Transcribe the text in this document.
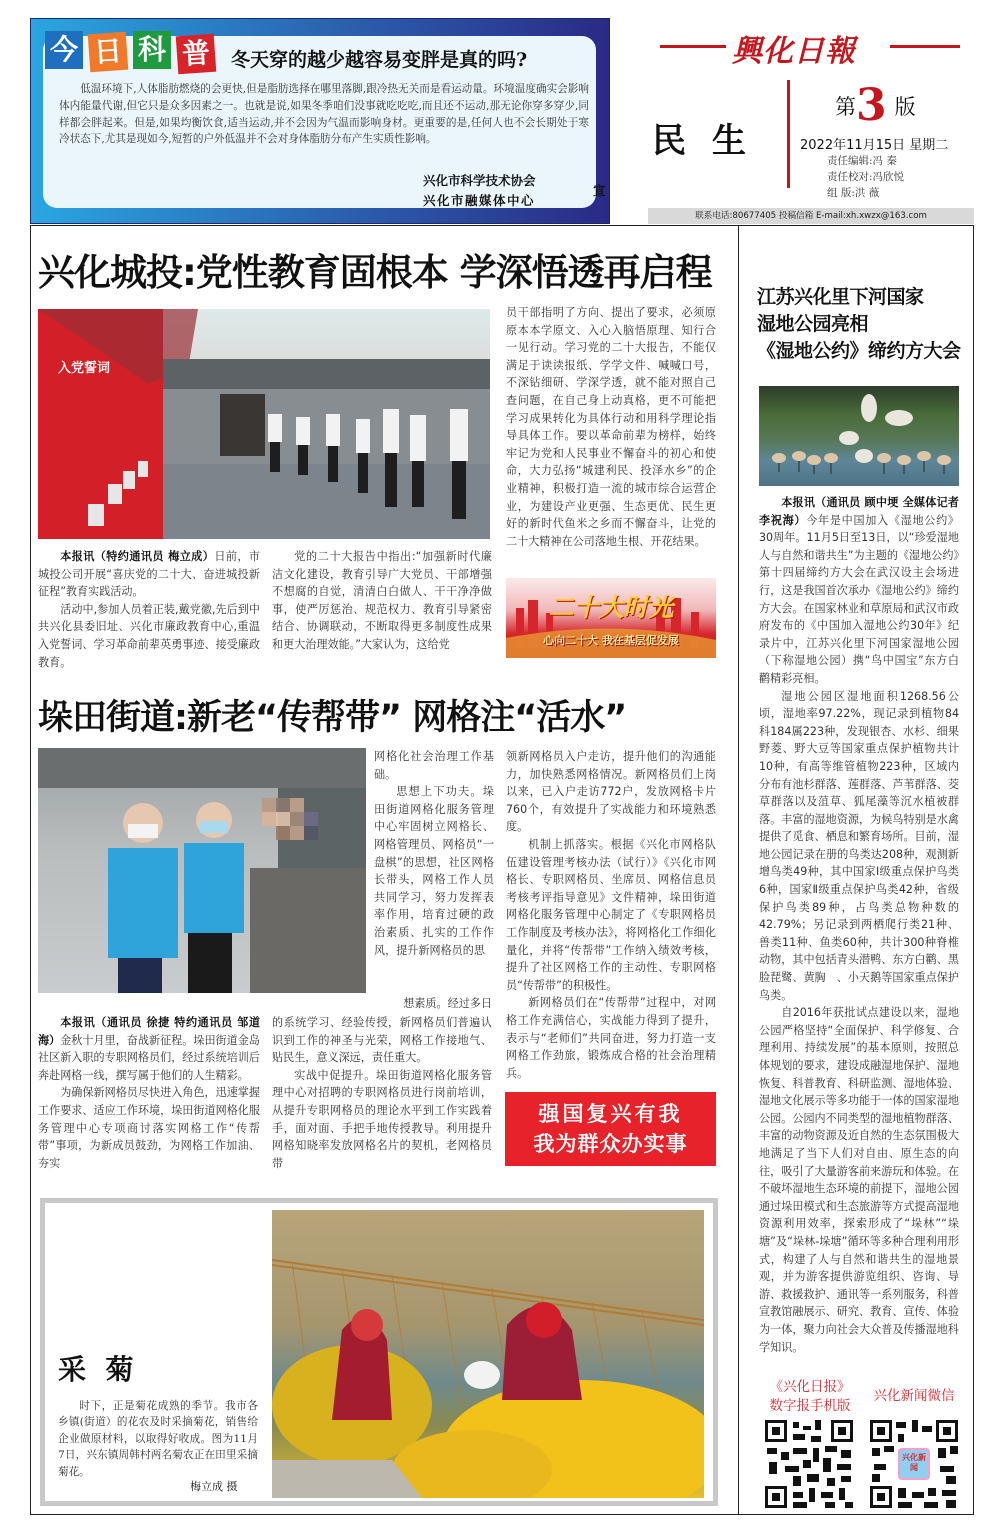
今 日 科 普 冬天穿的越少越容易变胖是真的吗?
低温环境下,人体脂肪燃烧的会更快,但是脂肪选择在哪里落脚,跟冷热无关而是看运动量。环境温度确实会影响体内能量代谢,但它只是众多因素之一。也就是说,如果冬季咱们没事就吃吃吃,而且还不运动,那无论你穿多穿少,同样都会胖起来。但是,如果均衡饮食,适当运动,并不会因为气温而影响身材。更重要的是,任何人也不会长期处于寒冷状态下,尤其是现如今,短暂的户外低温并不会对身体脂肪分布产生实质性影响。
兴化市科学技术协会
兴化市融媒体中心
宣
興化日報
民生
第3 版
2022年11月15日 星期二
责任编辑:冯 秦
责任校对:冯欣悦
组 版:洪 薇
联系电话:80677405 投稿信箱 E-mail:xh.xwzx@163.com
兴化城投:党性教育固根本 学深悟透再启程
入党誓词

本报讯（特约通讯员 梅立成）日前，市城投公司开展“喜庆党的二十大、奋进城投新征程”教育实践活动。

活动中,参加人员着正装,戴党徽,先后到中共兴化县委旧址、兴化市廉政教育中心,重温入党誓词、学习革命前辈英勇事迹、接受廉政教育。

党的二十大报告中指出:“加强新时代廉洁文化建设，教育引导广大党员、干部增强不想腐的自觉，清清白白做人、干干净净做事，使严厉惩治、规范权力、教育引导紧密结合、协调联动，不断取得更多制度性成果和更大治理效能。”大家认为，这给党

员干部指明了方向、提出了要求，必须原原本本学原文、入心入脑悟原理、知行合一见行动。学习党的二十大报告，不能仅满足于读读报纸、学学文件、喊喊口号，不深钻细研、学深学透，就不能对照自己查问题，在自己身上动真格，更不可能把学习成果转化为具体行动和用科学理论指导具体工作。要以革命前辈为榜样，始终牢记为党和人民事业不懈奋斗的初心和使命，大力弘扬“城建利民、投泽水乡”的企业精神，积极打造一流的城市综合运营企业，为建设产业更强、生态更优、民生更好的新时代鱼米之乡而不懈奋斗，让党的二十大精神在公司落地生根、开花结果。

二十大时光
心向二十大 我在基层促发展
垛田街道:新老“传帮带” 网格注“活水”

网格化社会治理工作基础。

思想上下功夫。垛田街道网格化服务管理中心牢固树立网格长、网格管理员、网格员“一盘棋”的思想，社区网格长带头，网格工作人员共同学习，努力发挥表率作用，培育过硬的政治素质、扎实的工作作风，提升新网格员的思

想素质。经过多日

领新网格员入户走访，提升他们的沟通能力，加快熟悉网格情况。新网格员们上岗以来，已入户走访772户，发放网格卡片760个，有效提升了实战能力和环境熟悉度。

机制上抓落实。根据《兴化市网格队伍建设管理考核办法（试行）》《兴化市网格长、专职网格员、坐席员、网格信息员考核考评指导意见》文件精神，垛田街道网格化服务管理中心制定了《专职网格员工作制度及考核办法》，将网格化工作细化量化，并将“传帮带”工作纳入绩效考核，提升了社区网格工作的主动性、专职网格员“传帮带”的积极性。

新网格员们在“传帮带”过程中，对网格工作充满信心，实战能力得到了提升，表示与“老师们”共同奋进，努力打造一支网格工作劲旅，锻炼成合格的社会治理精兵。

本报讯（通讯员 徐捷 特约通讯员 邹道海）金秋十月里，奋战新征程。垛田街道金岛社区新入职的专职网格员们，经过系统培训后奔赴网格一线，撰写属于他们的人生精彩。

为确保新网格员尽快进入角色，迅速掌握工作要求、适应工作环境，垛田街道网格化服务管理中心专项商讨落实网格工作“传帮带”事项，为新成员鼓劲，为网格工作加油、夯实

的系统学习、经验传授，新网格员们普遍认识到工作的神圣与光荣，网格工作接地气、贴民生，意义深远，责任重大。

实战中促提升。垛田街道网格化服务管理中心对招聘的专职网格员进行岗前培训，从提升专职网格员的理论水平到工作实践着手，面对面、手把手地传授教导。利用提升网格知晓率发放网格名片的契机，老网格员带

强国复兴有我
我为群众办实事
采  菊
时下，正是菊花成熟的季节。我市各乡镇(街道）的花农及时采摘菊花，销售给企业做原材料，以取得好收成。图为11月7日，兴东镇周韩村两名菊农正在田里采摘菊花。
梅立成 摄
江苏兴化里下河国家
湿地公园亮相
《湿地公约》缔约方大会

本报讯（通讯员 顾中埂 全媒体记者 李祝海）今年是中国加入《湿地公约》30周年。11月5日至13日，以“珍爱湿地 人与自然和谐共生”为主题的《湿地公约》第十四届缔约方大会在武汉设主会场进行，这是我国首次承办《湿地公约》缔约方大会。在国家林业和草原局和武汉市政府发布的《中国加入湿地公约30年》纪录片中，江苏兴化里下河国家湿地公园（下称湿地公园）携“鸟中国宝”东方白鹳精彩亮相。

湿地公园区湿地面积1268.56公顷，湿地率97.22%，现记录到植物84科184属223种，发现银杏、水杉、细果野菱、野大豆等国家重点保护植物共计10种，有高等维管植物223种，区域内分布有池杉群落、莲群落、芦苇群落、茭草群落以及菹草、狐尾藻等沉水植被群落。丰富的湿地资源，为候鸟特别是水禽提供了觅食、栖息和繁育场所。目前，湿地公园记录在册的鸟类达208种，观测新增鸟类49种，其中国家Ⅰ级重点保护鸟类6种，国家Ⅱ级重点保护鸟类42种，省级保护鸟类89种，占鸟类总物种数的42.79%；另记录到两栖爬行类21种、兽类11种、鱼类60种，共计300种脊椎动物，其中包括青头潜鸭、东方白鹳、黑脸琵鹭、黄胸　、小天鹅等国家重点保护鸟类。

自2016年获批试点建设以来，湿地公园严格坚持“全面保护、科学修复、合理利用、持续发展”的基本原则，按照总体规划的要求，建设成融湿地保护、湿地恢复、科普教育、科研监测、湿地体验、湿地文化展示等多功能于一体的国家湿地公园。公园内不同类型的湿地植物群落、丰富的动物资源及近自然的生态氛围极大地满足了当下人们对自由、原生态的向往，吸引了大量游客前来游玩和体验。在不破坏湿地生态环境的前提下，湿地公园通过垛田模式和生态旅游等方式提高湿地资源利用效率，探索形成了“垛林”“垛塘”及“垛林-垛塘”循环等多种合理利用形式，构建了人与自然和谐共生的湿地景观，并为游客提供游览组织、咨询、导游、救援救护、通讯等一系列服务，科普宣教馆融展示、研究、教育、宣传、体验为一体，聚力向社会大众普及传播湿地科学知识。

《兴化日报》
数字报手机版
兴化新闻微信
兴化新闻
